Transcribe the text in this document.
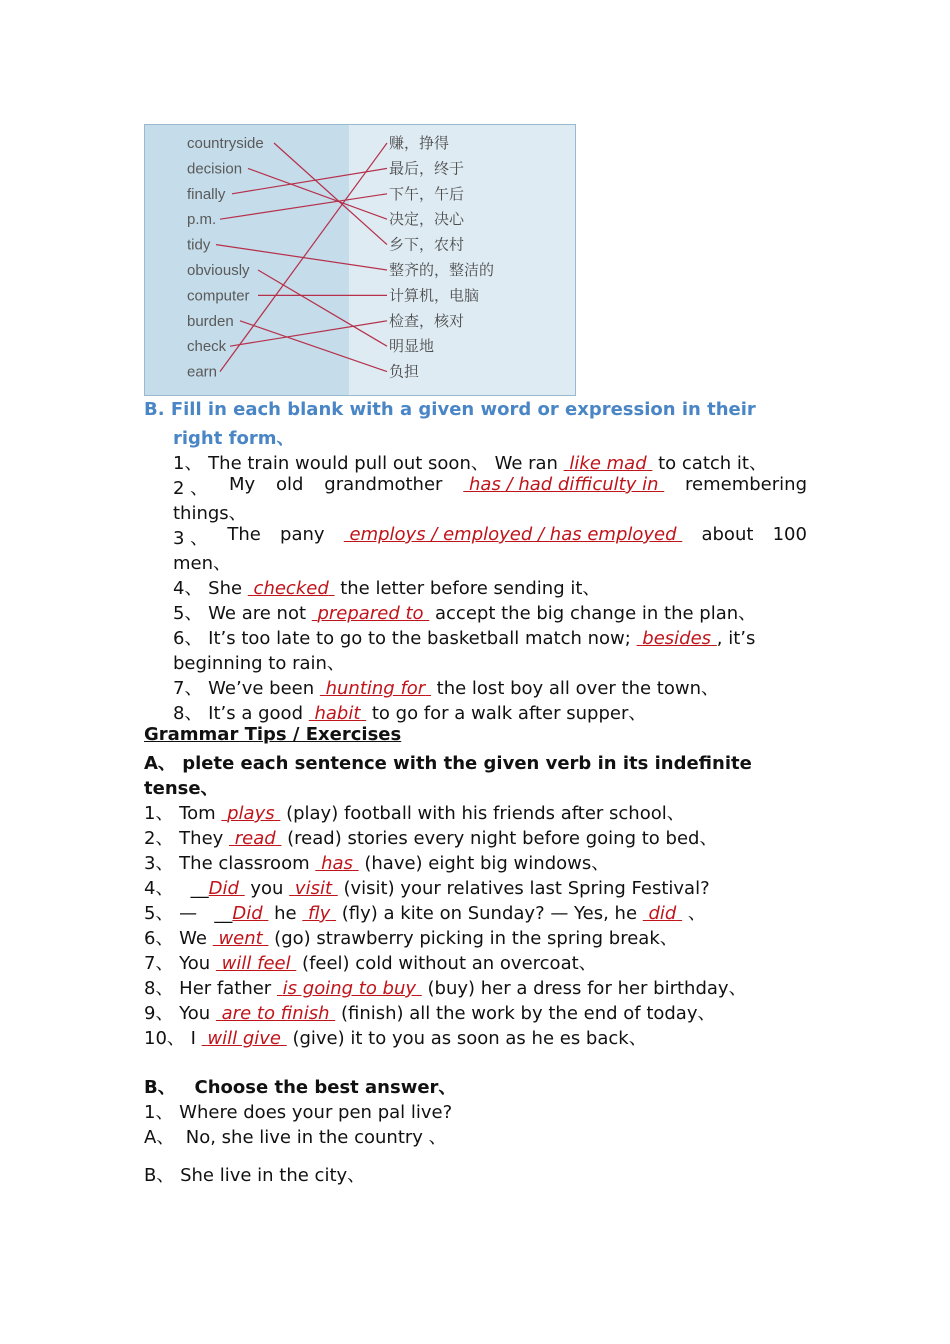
countryside
decision
finally
p.m.
tidy
obviously
computer
burden
check
earn
赚，挣得
最后，终于
下午，午后
决定，决心
乡下，农村
整齐的，整洁的
计算机，电脑
检查，核对
明显地
负担
B. Fill in each blank with a given word or expression in their
right form、
1、 The train would pull out soon、 We ran  like mad  to catch it、
2 、 My old grandmother	has / had difficulty in	remembering
things、
3 、 The pany	employs / employed / has employed	about 100
men、
4、 She  checked  the letter before sending it、
5、 We are not  prepared to  accept the big change in the plan、
6、 It’s too late to go to the basketball match now;  besides , it’s
beginning to rain、
7、 We’ve been  hunting for  the lost boy all over the town、
8、 It’s a good  habit  to go for a walk after supper、
Grammar Tips / Exercises
A、 plete each sentence with the given verb in its indefinite
tense、
1、 Tom  plays  (play) football with his friends after school、
2、 They  read  (read) stories every night before going to bed、
3、 The classroom  has  (have) eight big windows、
4、   __Did  you  visit  (visit) your relatives last Spring Festival?
5、 —   __Did  he  fly  (fly) a kite on Sunday? — Yes, he  did  、
6、 We  went  (go) strawberry picking in the spring break、
7、 You  will feel  (feel) cold without an overcoat、
8、 Her father  is going to buy  (buy) her a dress for her birthday、
9、 You  are to finish  (finish) all the work by the end of today、
10、 I  will give  (give) it to you as soon as he es back、
B、   Choose the best answer、
1、 Where does your pen pal live?
A、  No, she live in the country 、
B、 She live in the city、
